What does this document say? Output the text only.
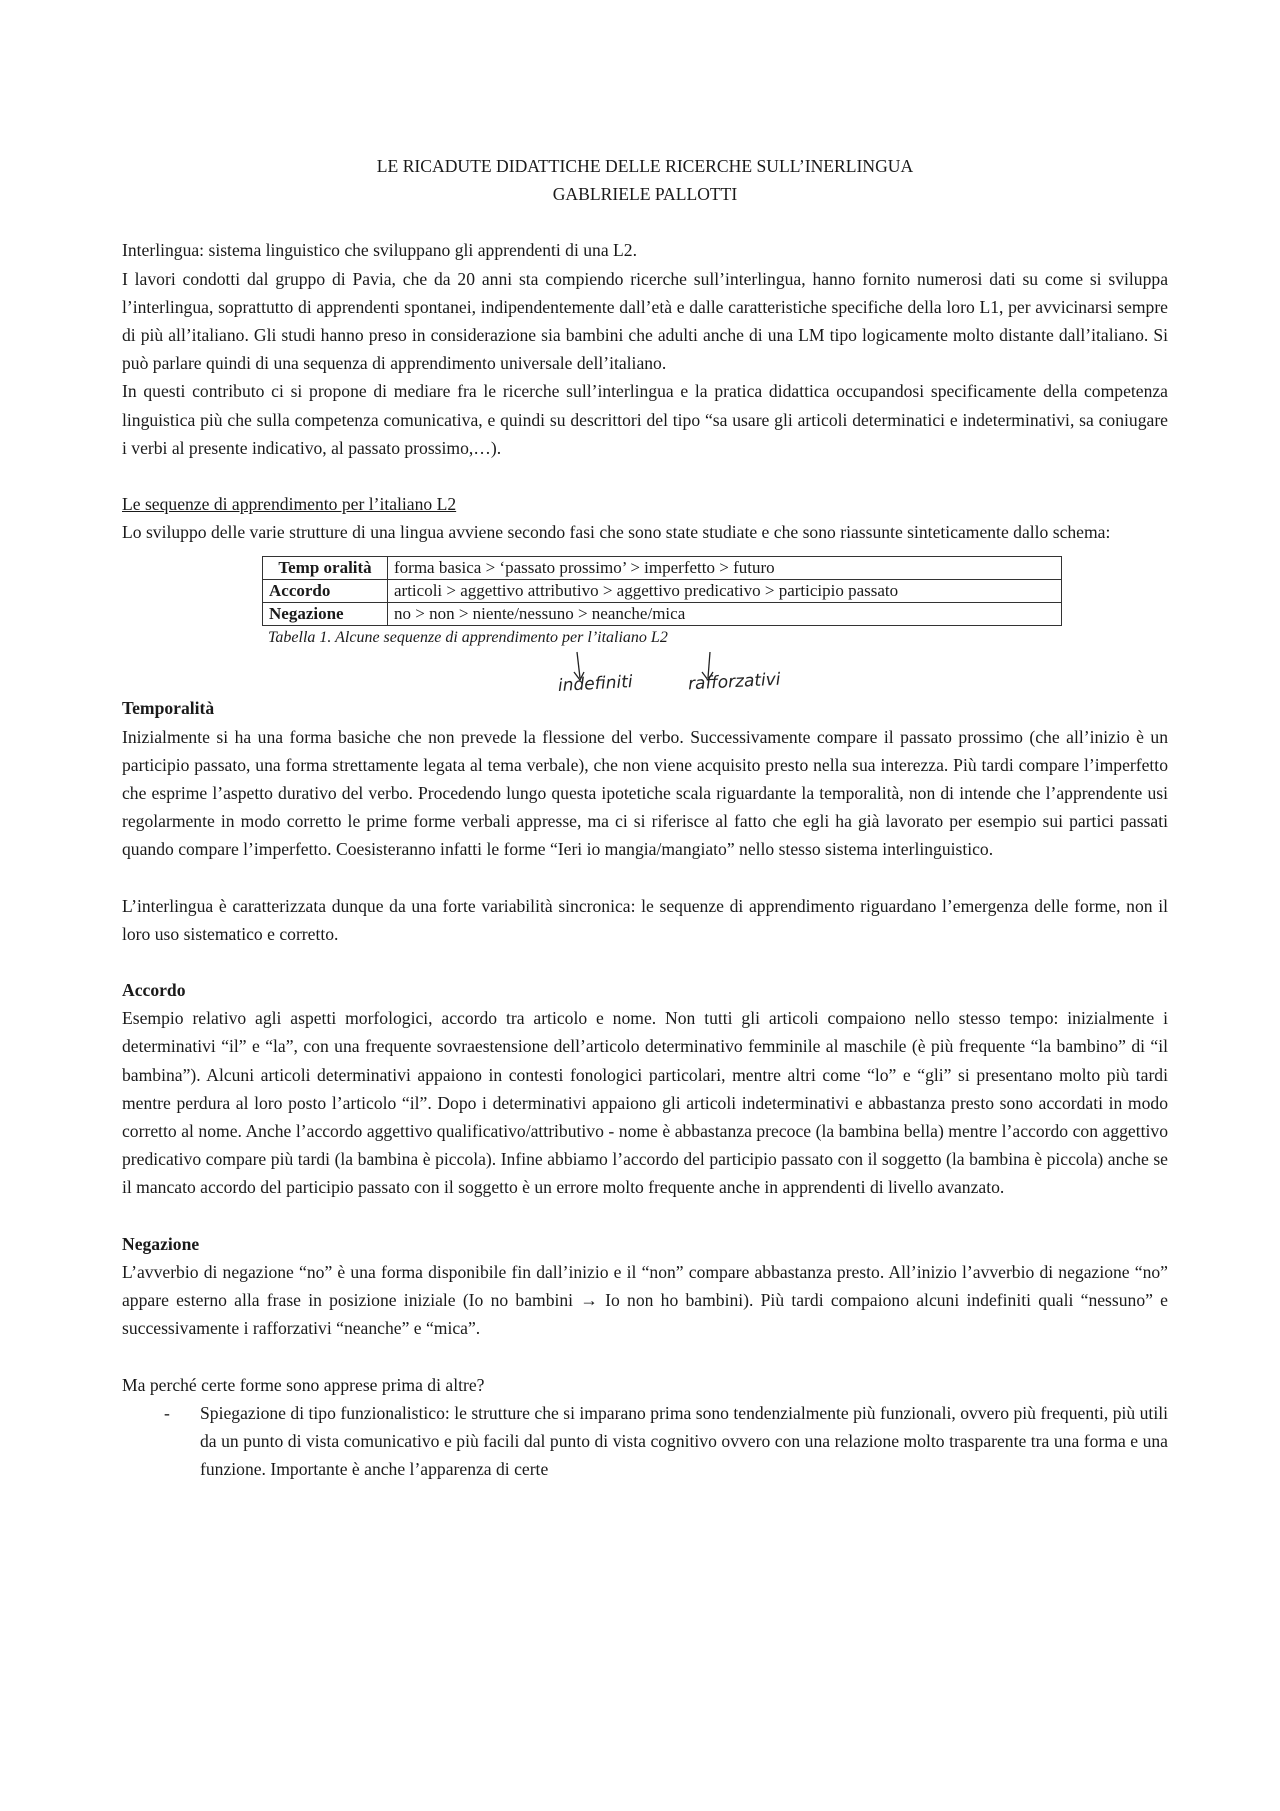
LE RICADUTE DIDATTICHE DELLE RICERCHE SULL’INERLINGUA

GABLRIELE PALLOTTI

Interlingua: sistema linguistico che sviluppano gli apprendenti di una L2.

I lavori condotti dal gruppo di Pavia, che da 20 anni sta compiendo ricerche sull’interlingua, hanno fornito numerosi dati su come si sviluppa l’interlingua, soprattutto di apprendenti spontanei, indipendentemente dall’età e dalle caratteristiche specifiche della loro L1, per avvicinarsi sempre di più all’italiano. Gli studi hanno preso in considerazione sia bambini che adulti anche di una LM tipo logicamente molto distante dall’italiano. Si può parlare quindi di una sequenza di apprendimento universale dell’italiano.

In questi contributo ci si propone di mediare fra le ricerche sull’interlingua e la pratica didattica occupandosi specificamente della competenza linguistica più che sulla competenza comunicativa, e quindi su descrittori del tipo “sa usare gli articoli determinatici e indeterminativi, sa coniugare i verbi al presente indicativo, al passato prossimo,…).

Le sequenze di apprendimento per l’italiano L2

Lo sviluppo delle varie strutture di una lingua avviene secondo fasi che sono state studiate e che sono riassunte sinteticamente dallo schema:

Temp oralità	forma basica > ‘passato prossimo’ > imperfetto > futuro
Accordo	articoli > aggettivo attributivo > aggettivo predicativo > participio passato
Negazione	no > non > niente/nessuno > neanche/mica

Tabella 1. Alcune sequenze di apprendimento per l’italiano L2

indefiniti	rafforzativi

Temporalità

Inizialmente si ha una forma basiche che non prevede la flessione del verbo. Successivamente compare il passato prossimo (che all’inizio è un participio passato, una forma strettamente legata al tema verbale), che non viene acquisito presto nella sua interezza. Più tardi compare l’imperfetto che esprime l’aspetto durativo del verbo. Procedendo lungo questa ipotetiche scala riguardante la temporalità, non di intende che l’apprendente usi regolarmente in modo corretto le prime forme verbali appresse, ma ci si riferisce al fatto che egli ha già lavorato per esempio sui partici passati quando compare l’imperfetto. Coesisteranno infatti le forme “Ieri io mangia/mangiato” nello stesso sistema interlinguistico.

L’interlingua è caratterizzata dunque da una forte variabilità sincronica: le sequenze di apprendimento riguardano l’emergenza delle forme, non il loro uso sistematico e corretto.

Accordo

Esempio relativo agli aspetti morfologici, accordo tra articolo e nome. Non tutti gli articoli compaiono nello stesso tempo: inizialmente i determinativi “il” e “la”, con una frequente sovraestensione dell’articolo determinativo femminile al maschile (è più frequente “la bambino” di “il bambina”). Alcuni articoli determinativi appaiono in contesti fonologici particolari, mentre altri come “lo” e “gli” si presentano molto più tardi mentre perdura al loro posto l’articolo “il”. Dopo i determinativi appaiono gli articoli indeterminativi e abbastanza presto sono accordati in modo corretto al nome. Anche l’accordo aggettivo qualificativo/attributivo - nome è abbastanza precoce (la bambina bella) mentre l’accordo con aggettivo predicativo compare più tardi (la bambina è piccola). Infine abbiamo l’accordo del participio passato con il soggetto (la bambina è piccola) anche se il mancato accordo del participio passato con il soggetto è un errore molto frequente anche in apprendenti di livello avanzato.

Negazione

L’avverbio di negazione “no” è una forma disponibile fin dall’inizio e il “non” compare abbastanza presto. All’inizio l’avverbio di negazione “no” appare esterno alla frase in posizione iniziale (Io no bambini → Io non ho bambini). Più tardi compaiono alcuni indefiniti quali “nessuno” e successivamente i rafforzativi “neanche” e “mica”.

Ma perché certe forme sono apprese prima di altre?

- Spiegazione di tipo funzionalistico: le strutture che si imparano prima sono tendenzialmente più funzionali, ovvero più frequenti, più utili da un punto di vista comunicativo e più facili dal punto di vista cognitivo ovvero con una relazione molto trasparente tra una forma e una funzione. Importante è anche l’apparenza di certe
